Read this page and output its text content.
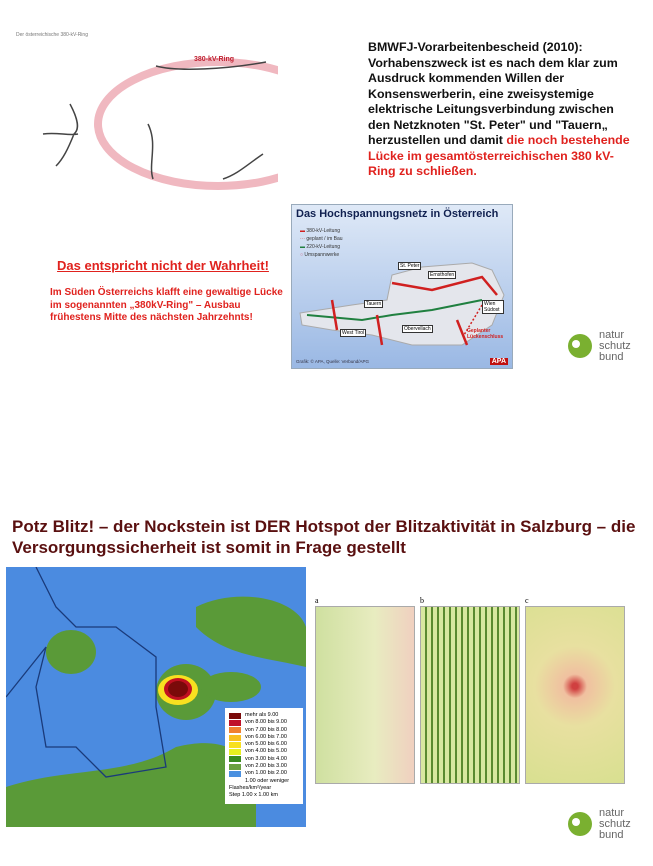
Der österreichische 380-kV-Ring
380-kV-Ring
BMWFJ-Vorarbeitenbescheid (2010):
Vorhabenszweck ist es nach dem klar zum Ausdruck kommenden Willen der Konsenswerberin, eine zweisystemige elektrische Leitungsverbindung zwischen den Netzknoten "St. Peter" und "Tauern„ herzustellen und damit die noch bestehende Lücke im gesamtösterreichischen 380 kV-Ring zu schließen.
Das entspricht nicht der Wahrheit!

Im Süden Österreichs klafft eine gewaltige Lücke im sogenannten „380kV-Ring" – Ausbau frühestens Mitte des nächsten Jahrzehnts!

Das Hochspannungsnetz in Österreich
▬ 380-kV-Leitung
⋯ geplant / im Bau
▬ 220-kV-Leitung
○ Umspannwerke
St. Peter
Ernsthofen
Tauern
West Tirol
Obervellach
Wien Südost
Geplanter Lückenschluss
Grafik: © APA, Quelle: Verbund/APG	APA
natur
schutz
bund
Potz Blitz! – der Nockstein ist DER Hotspot der Blitzaktivität in Salzburg – die Versorgungssicherheit ist somit in Frage gestellt
mehr als 9.00
von 8.00 bis 9.00
von 7.00 bis 8.00
von 6.00 bis 7.00
von 5.00 bis 6.00
von 4.00 bis 5.00
von 3.00 bis 4.00
von 2.00 bis 3.00
von 1.00 bis 2.00
1.00 oder weniger
Flashes/km²/year
Step 1.00 x 1.00 km
a	b	c
natur
schutz
bund
